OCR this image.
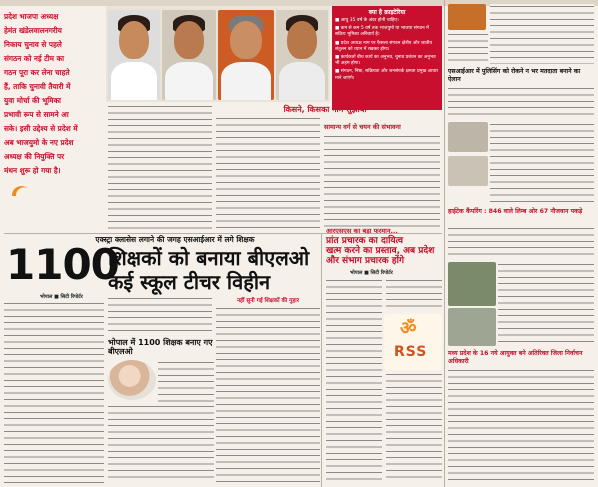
प्रदेश भाजपा अध्यक्ष
हेमंत खंडेलवालनगरीय
निकाय चुनाव से पहले
संगठन को नई टीम का
गठन पूरा कर लेना चाहते
हैं, ताकि चुनावी तैयारी में
युवा मोर्चा की भूमिका
प्रभावी रूप से सामने आ
सके। इसी उद्देश्य से प्रदेश में
अब भाजयुमो के नए प्रदेश
अध्यक्ष की नियुक्ति पर
मंथन शुरू हो गया है।
क्या है क्राइटेरिया
■ आयु 35 वर्ष के अंदर होनी चाहिए।
■ कम से कम 5 वर्ष तक भाजयुमो या भाजपा संगठन में सक्रिय भूमिका अनिवार्य है।
■ प्रदेश अध्यक्ष नाम पर फैसला संगठन क्षेत्रीय और जातीय संतुलन को ध्यान में रखकर होगा।
■ कार्यकर्ता बीच कार्य का अनुभव, चुनाव प्रबंधन का अनुभव भी अहम होगा।
■ संगठन, निष्ठा, सक्रियता और जनसंपर्क क्षमता प्रमुख आधार माने जाएंगे।
किसने, किसका नाम सुझाया
सामान्य वर्ग से चयन की संभावना
एक्स्ट्रा क्लासेस लगाने की जगह एसआईआर में लगे शिक्षक
1100
शिक्षकों को बनाया बीएलओ
कई स्कूल टीचर विहीन
भोपाल ■ सिटी रिपोर्टर
भोपाल में 1100 शिक्षक बनाए गए बीएलओ
नहीं सुनी गई शिक्षकों की गुहार
आरएसएस का बड़ा फरमान...
प्रांत प्रचारक का दायित्व
खत्म करने का प्रस्ताव, अब प्रदेश
और संभाग प्रचारक होंगे
भोपाल ■ सिटी रिपोर्टर
ॐ
RSS
एसआईआर में पुलिसिंग को रोकने न भर मतदाता बनाने का ऐलान
हाईटेक कैंपरिंग : 846 वाले लिम्ब ओर 67 नौजवान पकड़े
मध्य प्रदेश के 16 नये आयुक्त बने अतिरिक्त जिला निर्वाचन अधिकारी
